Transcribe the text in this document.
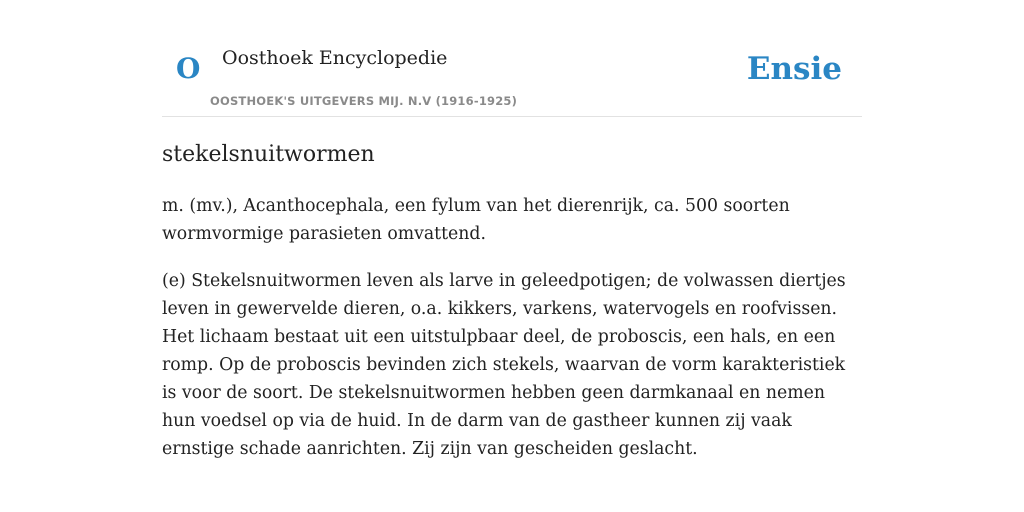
O Oosthoek Encyclopedie
OOSTHOEK'S UITGEVERS MIJ. N.V (1916-1925)
Ensie
stekelsnuitwormen

m. (mv.), Acanthocephala, een fylum van het dierenrijk, ca. 500 soorten wormvormige parasieten omvattend.

(e) Stekelsnuitwormen leven als larve in geleedpotigen; de volwassen diertjes leven in gewervelde dieren, o.a. kikkers, varkens, watervogels en roofvissen. Het lichaam bestaat uit een uitstulpbaar deel, de proboscis, een hals, en een romp. Op de proboscis bevinden zich stekels, waarvan de vorm karakteristiek is voor de soort. De stekelsnuitwormen hebben geen darmkanaal en nemen hun voedsel op via de huid. In de darm van de gastheer kunnen zij vaak ernstige schade aanrichten. Zij zijn van gescheiden geslacht.
